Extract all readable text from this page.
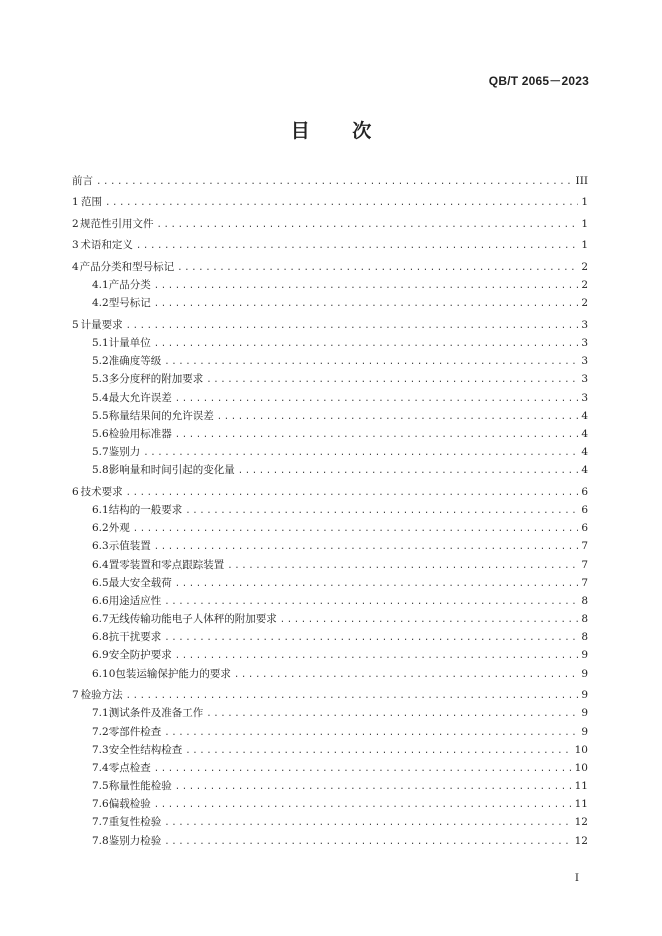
QB/T 2065－2023
目 次
前言 .....	III
1 范围 .....	1
2 规范性引用文件 .....	1
3 术语和定义 .....	1
4 产品分类和型号标记 .....	2
4.1 产品分类 .....	2
4.2 型号标记 .....	2
5 计量要求 .....	3
5.1 计量单位 .....	3
5.2 准确度等级 .....	3
5.3 多分度秤的附加要求 .....	3
5.4 最大允许误差 .....	3
5.5 称量结果间的允许误差 .....	4
5.6 检验用标准器 .....	4
5.7 鉴别力 .....	4
5.8 影响量和时间引起的变化量 .....	4
6 技术要求 .....	6
6.1 结构的一般要求 .....	6
6.2 外观 .....	6
6.3 示值装置 .....	7
6.4 置零装置和零点跟踪装置 .....	7
6.5 最大安全载荷 .....	7
6.6 用途适应性 .....	8
6.7 无线传输功能电子人体秤的附加要求 .....	8
6.8 抗干扰要求 .....	8
6.9 安全防护要求 .....	9
6.10 包装运输保护能力的要求 .....	9
7 检验方法 .....	9
7.1 测试条件及准备工作 .....	9
7.2 零部件检查 .....	9
7.3 安全性结构检查 .....	10
7.4 零点检查 .....	10
7.5 称量性能检验 .....	11
7.6 偏载检验 .....	11
7.7 重复性检验 .....	12
7.8 鉴别力检验 .....	12
I
